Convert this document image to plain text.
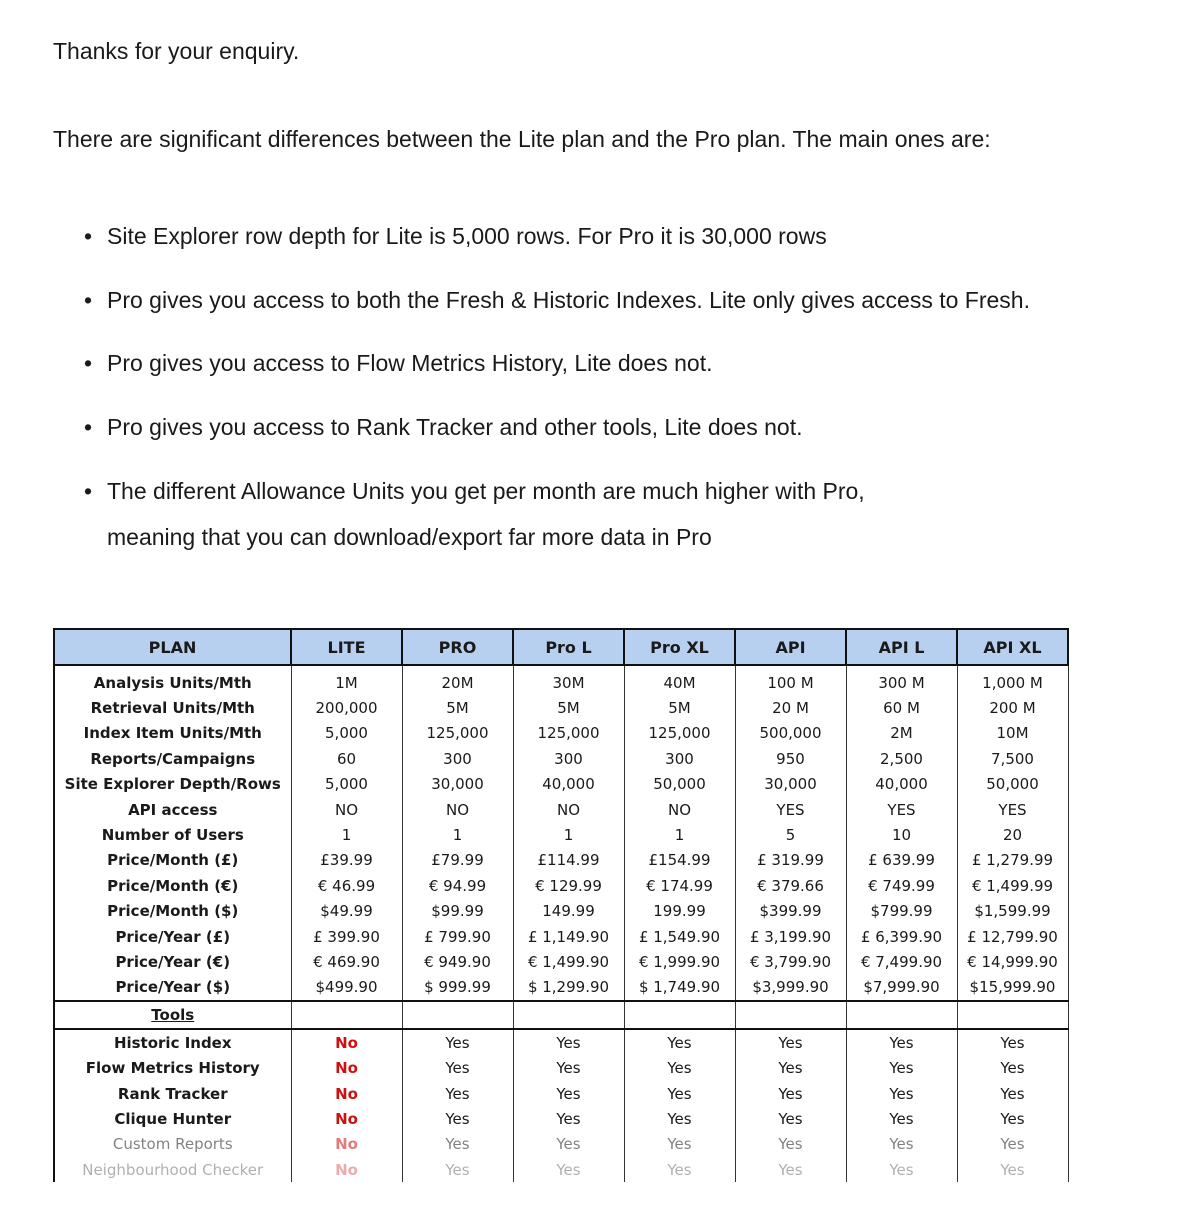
Thanks for your enquiry.

There are significant differences between the Lite plan and the Pro plan. The main ones are:

• Site Explorer row depth for Lite is 5,000 rows. For Pro it is 30,000 rows
• Pro gives you access to both the Fresh & Historic Indexes. Lite only gives access to Fresh.
• Pro gives you access to Flow Metrics History, Lite does not.
• Pro gives you access to Rank Tracker and other tools, Lite does not.
• The different Allowance Units you get per month are much higher with Pro,
meaning that you can download/export far more data in Pro
PLAN	LITE	PRO	Pro L	Pro XL	API	API L	API XL
Analysis Units/Mth	1M	20M	30M	40M	100 M	300 M	1,000 M
Retrieval Units/Mth	200,000	5M	5M	5M	20 M	60 M	200 M
Index Item Units/Mth	5,000	125,000	125,000	125,000	500,000	2M	10M
Reports/Campaigns	60	300	300	300	950	2,500	7,500
Site Explorer Depth/Rows	5,000	30,000	40,000	50,000	30,000	40,000	50,000
API access	NO	NO	NO	NO	YES	YES	YES
Number of Users	1	1	1	1	5	10	20
Price/Month (£)	£39.99	£79.99	£114.99	£154.99	£ 319.99	£ 639.99	£ 1,279.99
Price/Month (€)	€ 46.99	€ 94.99	€ 129.99	€ 174.99	€ 379.66	€ 749.99	€ 1,499.99
Price/Month ($)	$49.99	$99.99	149.99	199.99	$399.99	$799.99	$1,599.99
Price/Year (£)	£ 399.90	£ 799.90	£ 1,149.90	£ 1,549.90	£ 3,199.90	£ 6,399.90	£ 12,799.90
Price/Year (€)	€ 469.90	€ 949.90	€ 1,499.90	€ 1,999.90	€ 3,799.90	€ 7,499.90	€ 14,999.90
Price/Year ($)	$499.90	$ 999.99	$ 1,299.90	$ 1,749.90	$3,999.90	$7,999.90	$15,999.90
Tools							
Historic Index	No	Yes	Yes	Yes	Yes	Yes	Yes
Flow Metrics History	No	Yes	Yes	Yes	Yes	Yes	Yes
Rank Tracker	No	Yes	Yes	Yes	Yes	Yes	Yes
Clique Hunter	No	Yes	Yes	Yes	Yes	Yes	Yes
Custom Reports	No	Yes	Yes	Yes	Yes	Yes	Yes
Neighbourhood Checker	No	Yes	Yes	Yes	Yes	Yes	Yes
